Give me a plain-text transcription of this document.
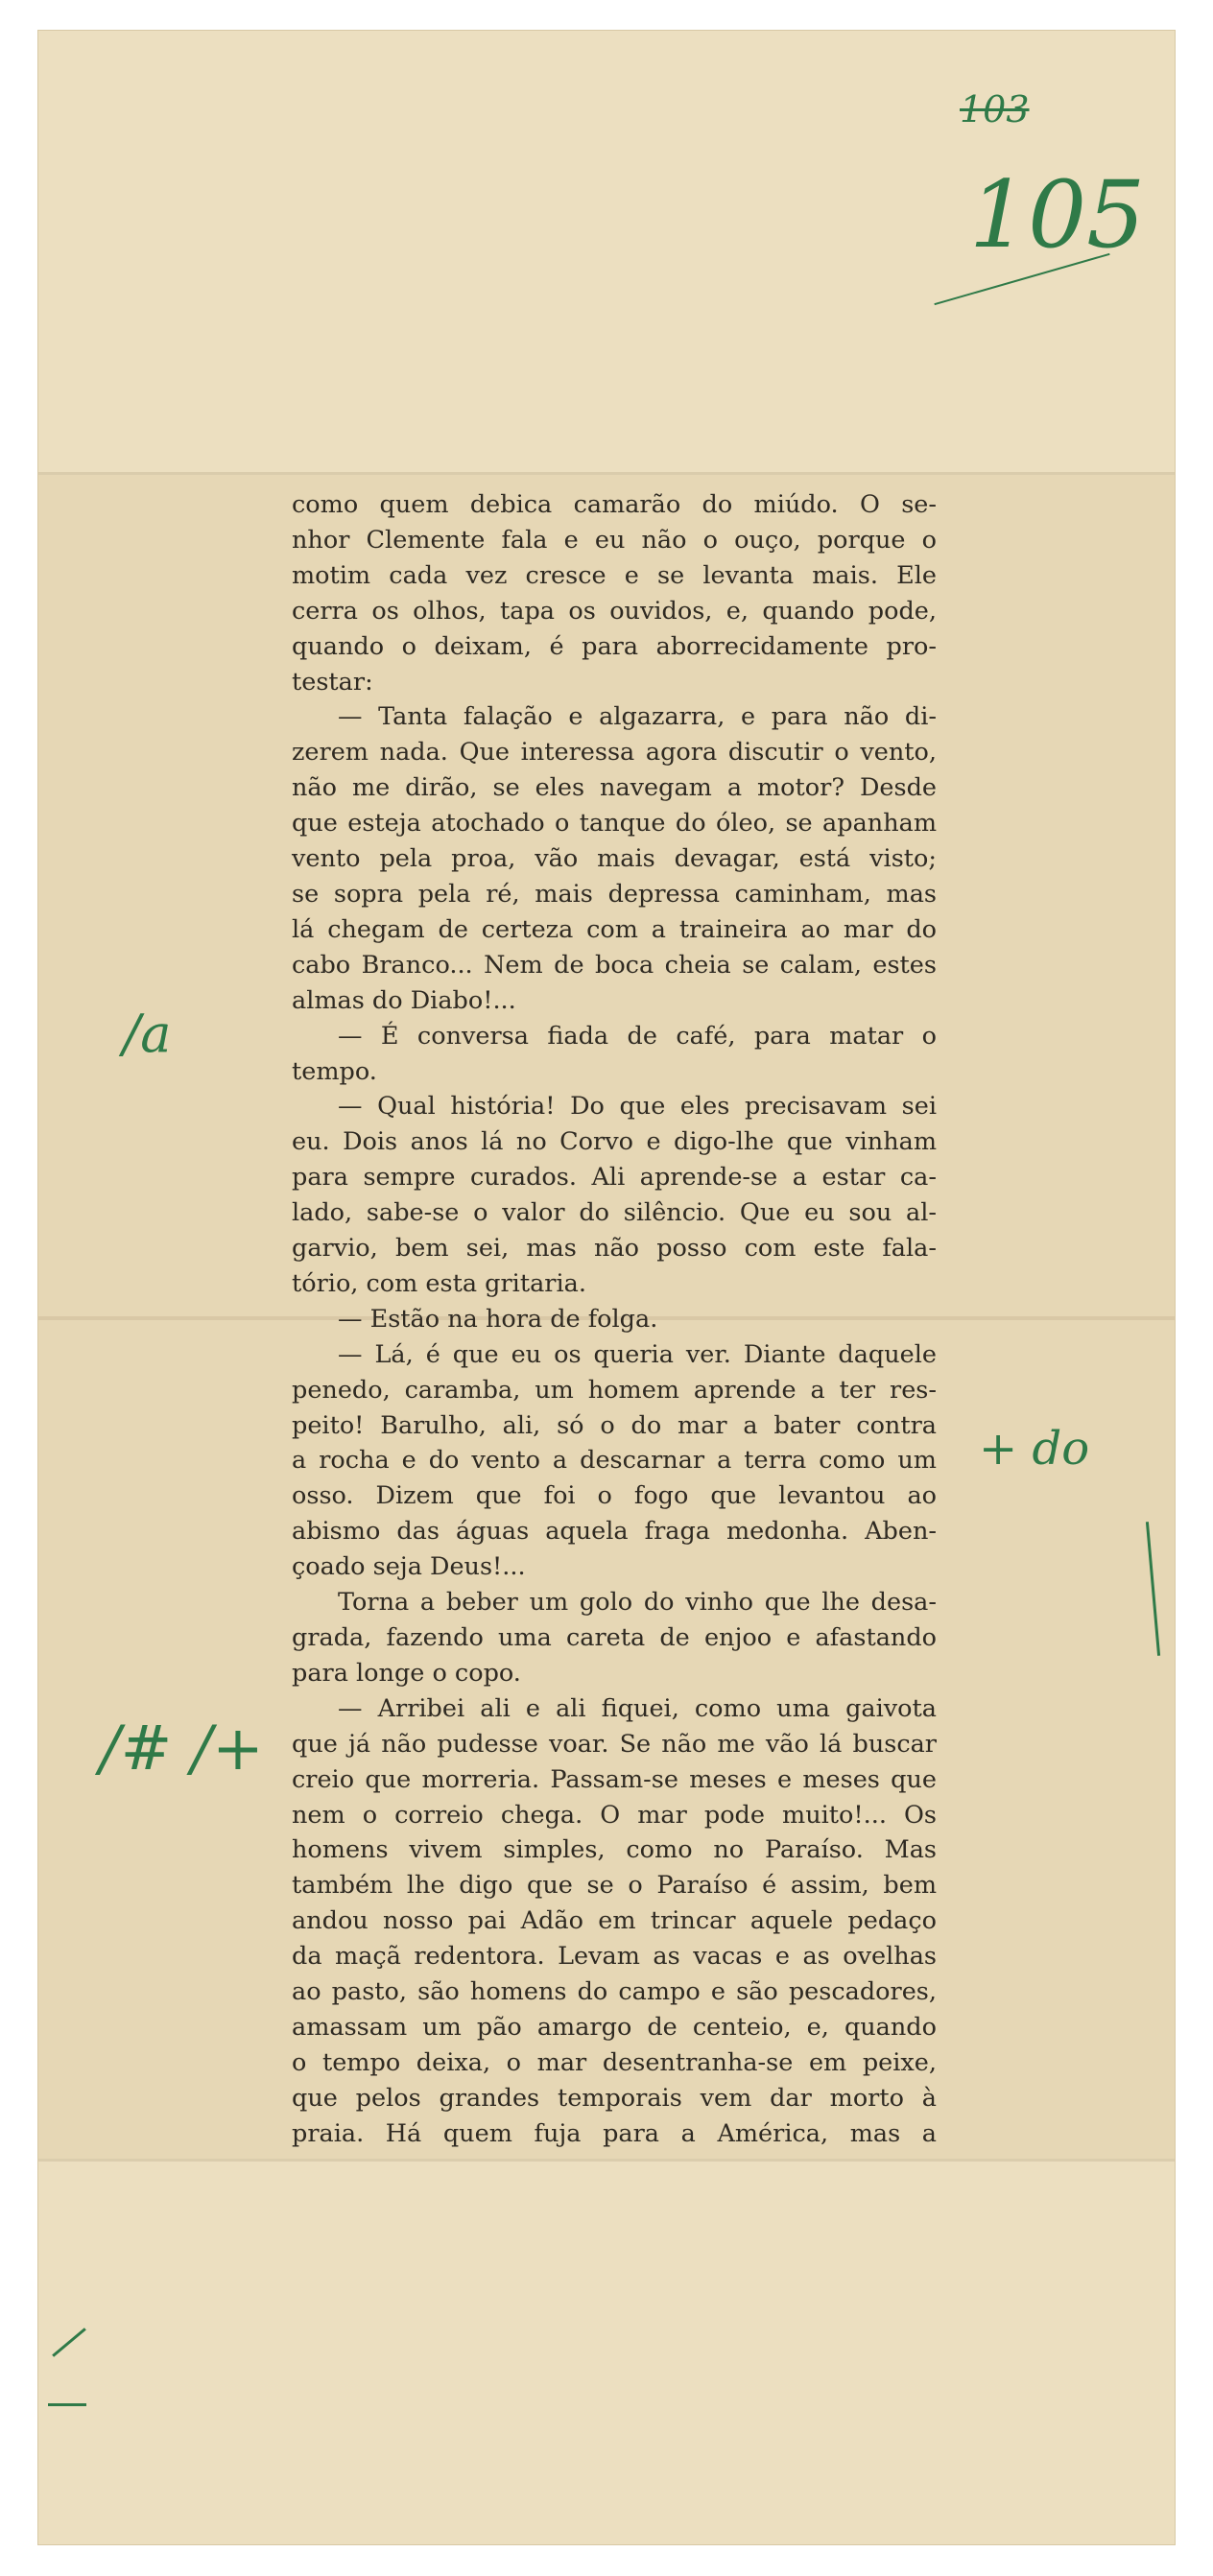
103
105

como quem debica camarão do miúdo. O se-

nhor Clemente fala e eu não o ouço, porque o

motim cada vez cresce e se levanta mais. Ele

cerra os olhos, tapa os ouvidos, e, quando pode,

quando o deixam, é para aborrecidamente pro-

testar:

— Tanta falação e algazarra, e para não di-

zerem nada. Que interessa agora discutir o vento,

não me dirão, se eles navegam a motor? Desde

que esteja atochado o tanque do óleo, se apanham

vento pela proa, vão mais devagar, está visto;

se sopra pela ré, mais depressa caminham, mas

lá chegam de certeza com a traineira ao mar do

cabo Branco... Nem de boca cheia se calam, estes

almas do Diabo!...

— É conversa fiada de café, para matar o

tempo.

— Qual história! Do que eles precisavam sei

eu. Dois anos lá no Corvo e digo-lhe que vinham

para sempre curados. Ali aprende-se a estar ca-

lado, sabe-se o valor do silêncio. Que eu sou al-

garvio, bem sei, mas não posso com este fala-

tório, com esta gritaria.

— Estão na hora de folga.

— Lá, é que eu os queria ver. Diante daquele

penedo, caramba, um homem aprende a ter res-

peito! Barulho, ali, só o do mar a bater contra

a rocha e do vento a descarnar a terra como um

osso. Dizem que foi o fogo que levantou ao

abismo das águas aquela fraga medonha. Aben-

çoado seja Deus!...

Torna a beber um golo do vinho que lhe desa-

grada, fazendo uma careta de enjoo e afastando

para longe o copo.

— Arribei ali e ali fiquei, como uma gaivota

que já não pudesse voar. Se não me vão lá buscar

creio que morreria. Passam-se meses e meses que

nem o correio chega. O mar pode muito!... Os

homens vivem simples, como no Paraíso. Mas

também lhe digo que se o Paraíso é assim, bem

andou nosso pai Adão em trincar aquele pedaço

da maçã redentora. Levam as vacas e as ovelhas

ao pasto, são homens do campo e são pescadores,

amassam um pão amargo de centeio, e, quando

o tempo deixa, o mar desentranha-se em peixe,

que pelos grandes temporais vem dar morto à

praia. Há quem fuja para a América, mas a

/a
+ do
/# /+
